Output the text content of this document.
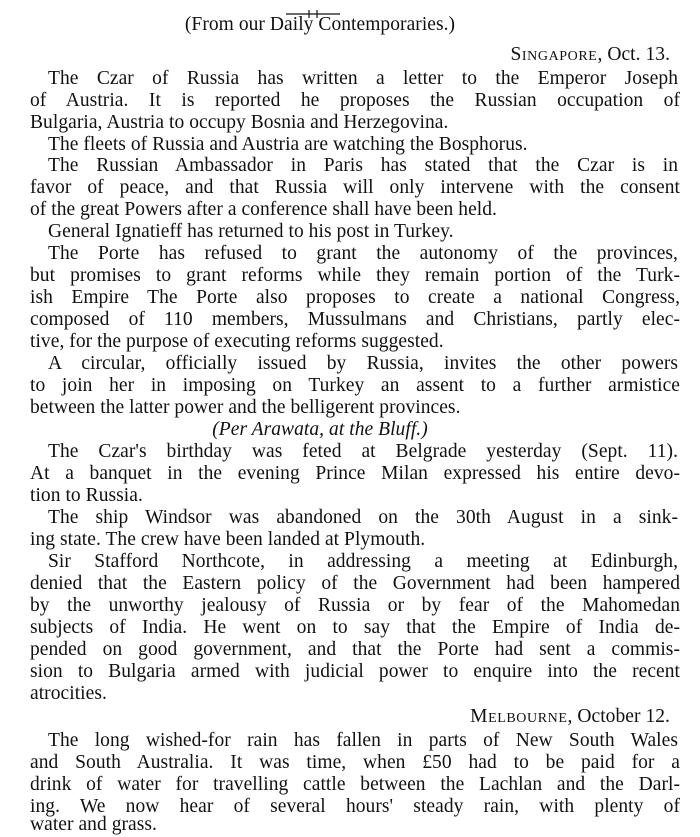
(From our Daily Contemporaries.)
Singapore, Oct. 13.
The Czar of Russia has written a letter to the Emperor Joseph
of Austria. It is reported he proposes the Russian occupation of
Bulgaria, Austria to occupy Bosnia and Herzegovina.
The fleets of Russia and Austria are watching the Bosphorus.
The Russian Ambassador in Paris has stated that the Czar is in
favor of peace, and that Russia will only intervene with the consent
of the great Powers after a conference shall have been held.
General Ignatieff has returned to his post in Turkey.
The Porte has refused to grant the autonomy of the provinces,
but promises to grant reforms while they remain portion of the Turk-
ish Empire The Porte also proposes to create a national Congress,
composed of 110 members, Mussulmans and Christians, partly elec-
tive, for the purpose of executing reforms suggested.
A circular, officially issued by Russia, invites the other powers
to join her in imposing on Turkey an assent to a further armistice
between the latter power and the belligerent provinces.
(Per Arawata, at the Bluff.)
The Czar's birthday was feted at Belgrade yesterday (Sept. 11).
At a banquet in the evening Prince Milan expressed his entire devo-
tion to Russia.
The ship Windsor was abandoned on the 30th August in a sink-
ing state. The crew have been landed at Plymouth.
Sir Stafford Northcote, in addressing a meeting at Edinburgh,
denied that the Eastern policy of the Government had been hampered
by the unworthy jealousy of Russia or by fear of the Mahomedan
subjects of India. He went on to say that the Empire of India de-
pended on good government, and that the Porte had sent a commis-
sion to Bulgaria armed with judicial power to enquire into the recent
atrocities.
Melbourne, October 12.
The long wished-for rain has fallen in parts of New South Wales
and South Australia. It was time, when £50 had to be paid for a
drink of water for travelling cattle between the Lachlan and the Darl-
ing. We now hear of several hours' steady rain, with plenty of
water and grass.
